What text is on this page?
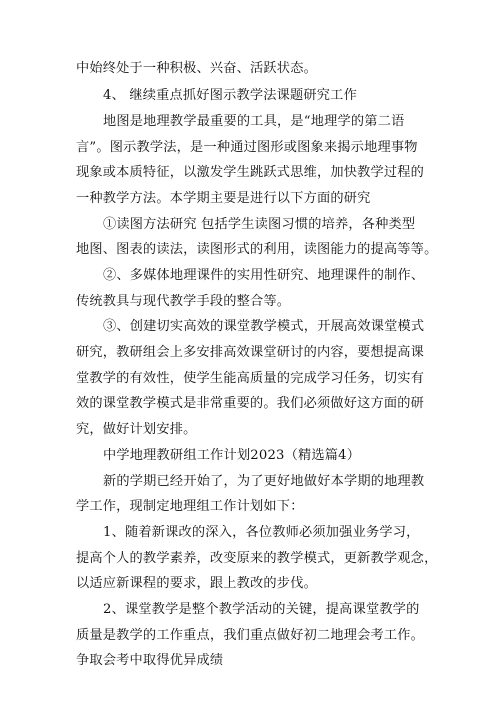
中始终处于一种积极、兴奋、活跃状态。
4、 继续重点抓好图示教学法课题研究工作
地图是地理教学最重要的工具，是“地理学的第二语
言”。图示教学法，是一种通过图形或图象来揭示地理事物
现象或本质特征，以激发学生跳跃式思维，加快教学过程的
一种教学方法。本学期主要是进行以下方面的研究
①读图方法研究 包括学生读图习惯的培养，各种类型
地图、图表的读法，读图形式的利用，读图能力的提高等等。
②、多媒体地理课件的实用性研究、地理课件的制作、
传统教具与现代教学手段的整合等。
③、创建切实高效的课堂教学模式，开展高效课堂模式
研究，教研组会上多安排高效课堂研讨的内容，要想提高课
堂教学的有效性，使学生能高质量的完成学习任务，切实有
效的课堂教学模式是非常重要的。我们必须做好这方面的研
究，做好计划安排。
中学地理教研组工作计划2023（精选篇4）
新的学期已经开始了，为了更好地做好本学期的地理教
学工作，现制定地理组工作计划如下：
1、随着新课改的深入，各位教师必须加强业务学习，
提高个人的教学素养，改变原来的教学模式，更新教学观念，
以适应新课程的要求，跟上教改的步伐。
2、课堂教学是整个教学活动的关键，提高课堂教学的
质量是教学的工作重点，我们重点做好初二地理会考工作。
争取会考中取得优异成绩
